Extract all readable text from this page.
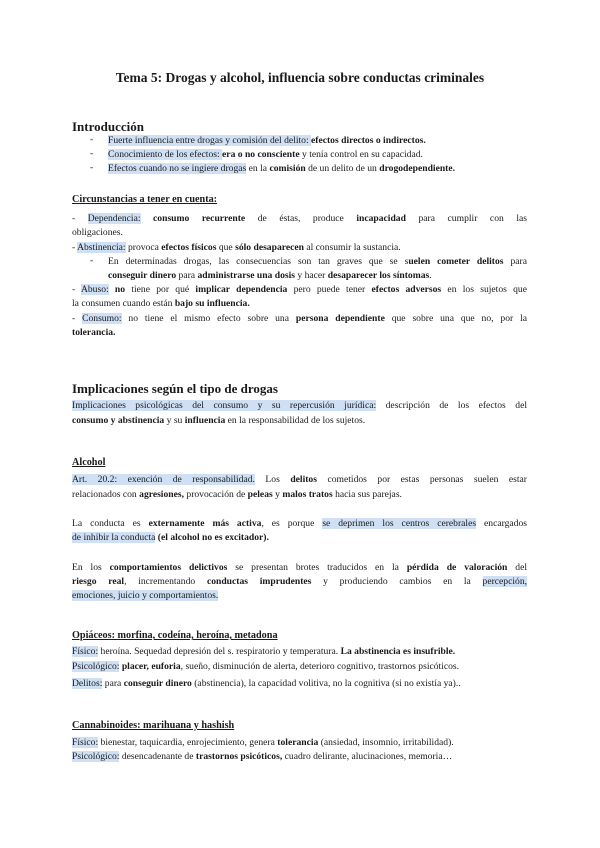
Tema 5: Drogas y alcohol, influencia sobre conductas criminales
Introducción
- Fuerte influencia entre drogas y comisión del delito: efectos directos o indirectos.
- Conocimiento de los efectos: era o no consciente y tenía control en su capacidad.
- Efectos cuando no se ingiere drogas en la comisión de un delito de un drogodependiente.
Circunstancias a tener en cuenta:
- Dependencia: consumo recurrente de éstas, produce incapacidad para cumplir con las
obligaciones.
- Abstinencia: provoca efectos físicos que sólo desaparecen al consumir la sustancia.
- En determinadas drogas, las consecuencias son tan graves que se suelen cometer delitos para
conseguir dinero para administrarse una dosis y hacer desaparecer los síntomas.
- Abuso: no tiene por qué implicar dependencia pero puede tener efectos adversos en los sujetos que
la consumen cuando están bajo su influencia.
- Consumo: no tiene el mismo efecto sobre una persona dependiente que sobre una que no, por la
tolerancia.
Implicaciones según el tipo de drogas
Implicaciones psicológicas del consumo y su repercusión jurídica: descripción de los efectos del
consumo y abstinencia y su influencia en la responsabilidad de los sujetos.
Alcohol
Art. 20.2: exención de responsabilidad. Los delitos cometidos por estas personas suelen estar
relacionados con agresiones, provocación de peleas y malos tratos hacia sus parejas.
La conducta es externamente más activa, es porque se deprimen los centros cerebrales encargados
de inhibir la conducta (el alcohol no es excitador).
En los comportamientos delictivos se presentan brotes traducidos en la pérdida de valoración del
riesgo real, incrementando conductas imprudentes y produciendo cambios en la percepción,
emociones, juicio y comportamientos.
Opiáceos: morfina, codeína, heroína, metadona
Físico: heroína. Sequedad depresión del s. respiratorio y temperatura. La abstinencia es insufrible.
Psicológico: placer, euforia, sueño, disminución de alerta, deterioro cognitivo, trastornos psicóticos.
Delitos: para conseguir dinero (abstinencia), la capacidad volitiva, no la cognitiva (si no existía ya)..
Cannabinoides: marihuana y hashish
Físico: bienestar, taquicardia, enrojecimiento, genera tolerancia (ansiedad, insomnio, irritabilidad).
Psicológico: desencadenante de trastornos psicóticos, cuadro delirante, alucinaciones, memoria…
